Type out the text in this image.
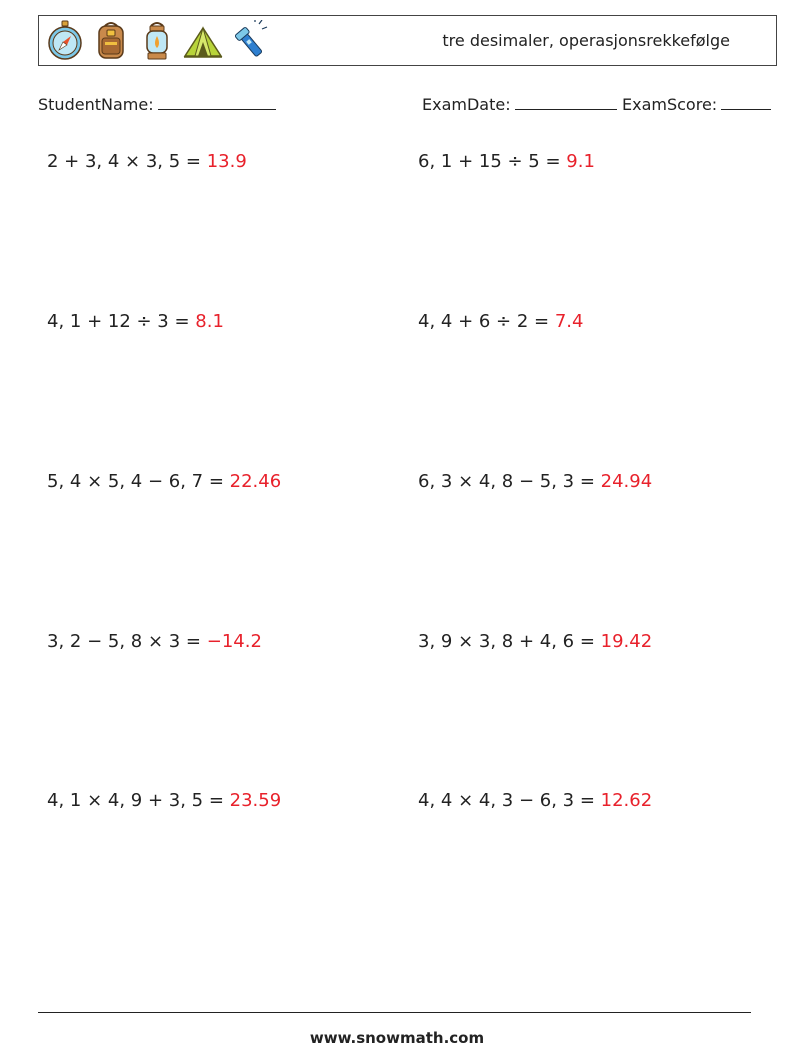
tre desimaler, operasjonsrekkefølge
StudentName:	ExamDate:	ExamScore:
2 + 3, 4 × 3, 5 = 13.9	6, 1 + 15 ÷ 5 = 9.1
4, 1 + 12 ÷ 3 = 8.1	4, 4 + 6 ÷ 2 = 7.4
5, 4 × 5, 4 − 6, 7 = 22.46	6, 3 × 4, 8 − 5, 3 = 24.94
3, 2 − 5, 8 × 3 = −14.2	3, 9 × 3, 8 + 4, 6 = 19.42
4, 1 × 4, 9 + 3, 5 = 23.59	4, 4 × 4, 3 − 6, 3 = 12.62
www.snowmath.com
